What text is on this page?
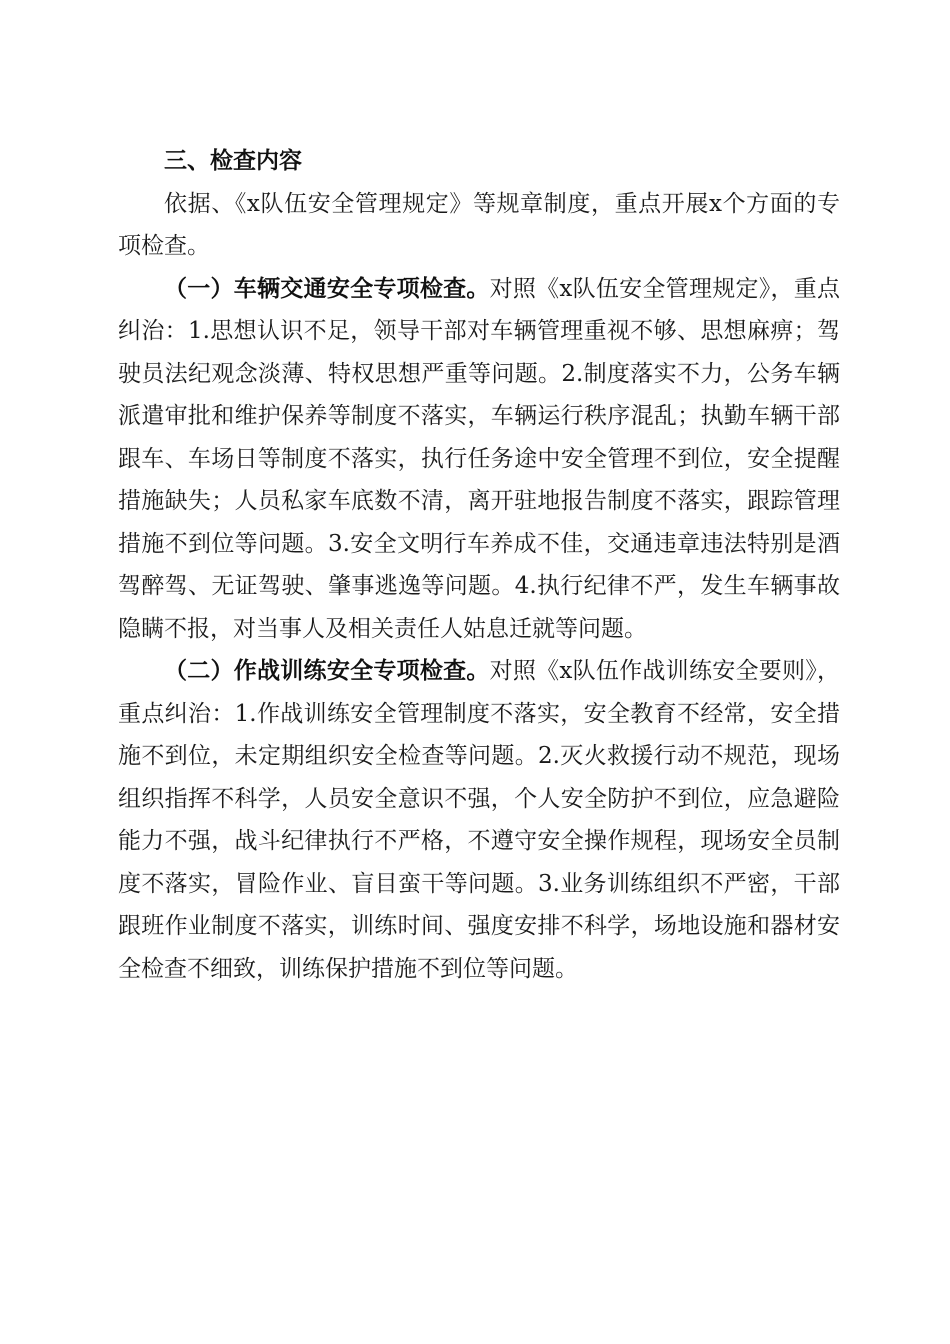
三、检查内容

依据、《x队伍安全管理规定》等规章制度，重点开展x个方面的专项检查。

（一）车辆交通安全专项检查。对照《x队伍安全管理规定》，重点纠治：1.思想认识不足，领导干部对车辆管理重视不够、思想麻痹；驾驶员法纪观念淡薄、特权思想严重等问题。2.制度落实不力，公务车辆派遣审批和维护保养等制度不落实，车辆运行秩序混乱；执勤车辆干部跟车、车场日等制度不落实，执行任务途中安全管理不到位，安全提醒措施缺失；人员私家车底数不清，离开驻地报告制度不落实，跟踪管理措施不到位等问题。3.安全文明行车养成不佳，交通违章违法特别是酒驾醉驾、无证驾驶、肇事逃逸等问题。4.执行纪律不严，发生车辆事故隐瞒不报，对当事人及相关责任人姑息迁就等问题。

（二）作战训练安全专项检查。对照《x队伍作战训练安全要则》，重点纠治：1.作战训练安全管理制度不落实，安全教育不经常，安全措施不到位，未定期组织安全检查等问题。2.灭火救援行动不规范，现场组织指挥不科学，人员安全意识不强，个人安全防护不到位，应急避险能力不强，战斗纪律执行不严格，不遵守安全操作规程，现场安全员制度不落实，冒险作业、盲目蛮干等问题。3.业务训练组织不严密，干部跟班作业制度不落实，训练时间、强度安排不科学，场地设施和器材安全检查不细致，训练保护措施不到位等问题。
